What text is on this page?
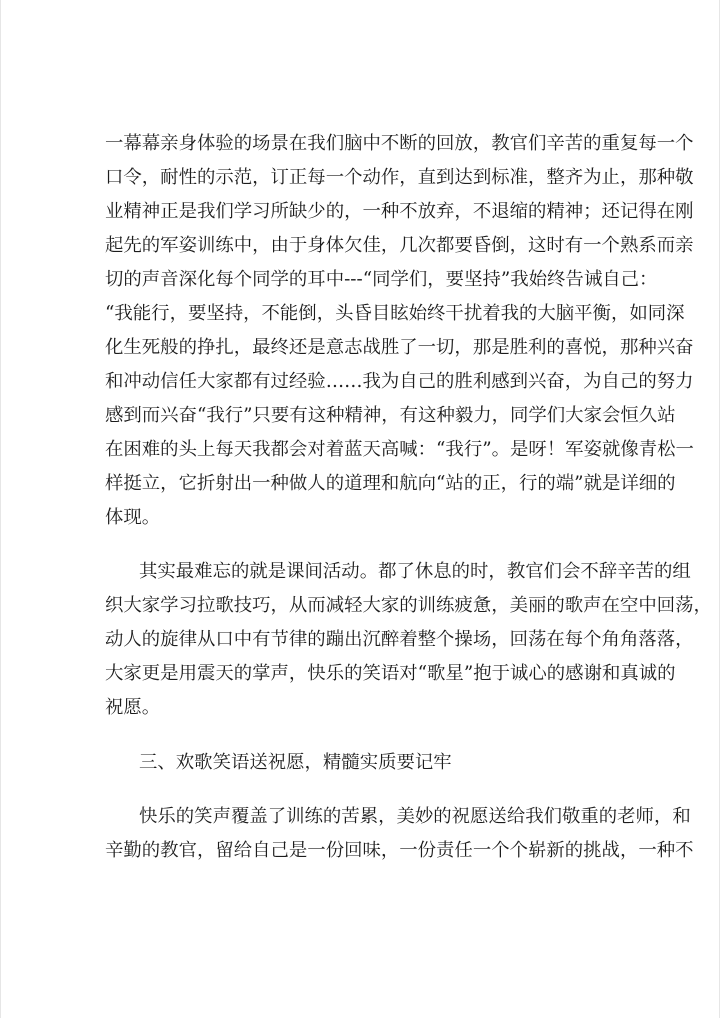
一幕幕亲身体验的场景在我们脑中不断的回放，教官们辛苦的重复每一个
口令，耐性的示范，订正每一个动作，直到达到标准，整齐为止，那种敬
业精神正是我们学习所缺少的，一种不放弃，不退缩的精神；还记得在刚
起先的军姿训练中，由于身体欠佳，几次都要昏倒，这时有一个熟系而亲
切的声音深化每个同学的耳中---“同学们，要坚持”我始终告诫自己：
“我能行，要坚持，不能倒，头昏目眩始终干扰着我的大脑平衡，如同深
化生死般的挣扎，最终还是意志战胜了一切，那是胜利的喜悦，那种兴奋
和冲动信任大家都有过经验……我为自己的胜利感到兴奋，为自己的努力
感到而兴奋“我行”只要有这种精神，有这种毅力，同学们大家会恒久站
在困难的头上每天我都会对着蓝天高喊：“我行”。是呀！军姿就像青松一
样挺立，它折射出一种做人的道理和航向“站的正，行的端”就是详细的
体现。
其实最难忘的就是课间活动。都了休息的时，教官们会不辞辛苦的组
织大家学习拉歌技巧，从而减轻大家的训练疲惫，美丽的歌声在空中回荡，
动人的旋律从口中有节律的蹦出沉醉着整个操场，回荡在每个角角落落，
大家更是用震天的掌声，快乐的笑语对“歌星”抱于诚心的感谢和真诚的
祝愿。
三、欢歌笑语送祝愿，精髓实质要记牢
快乐的笑声覆盖了训练的苦累，美妙的祝愿送给我们敬重的老师，和
辛勤的教官，留给自己是一份回味，一份责任一个个崭新的挑战，一种不
